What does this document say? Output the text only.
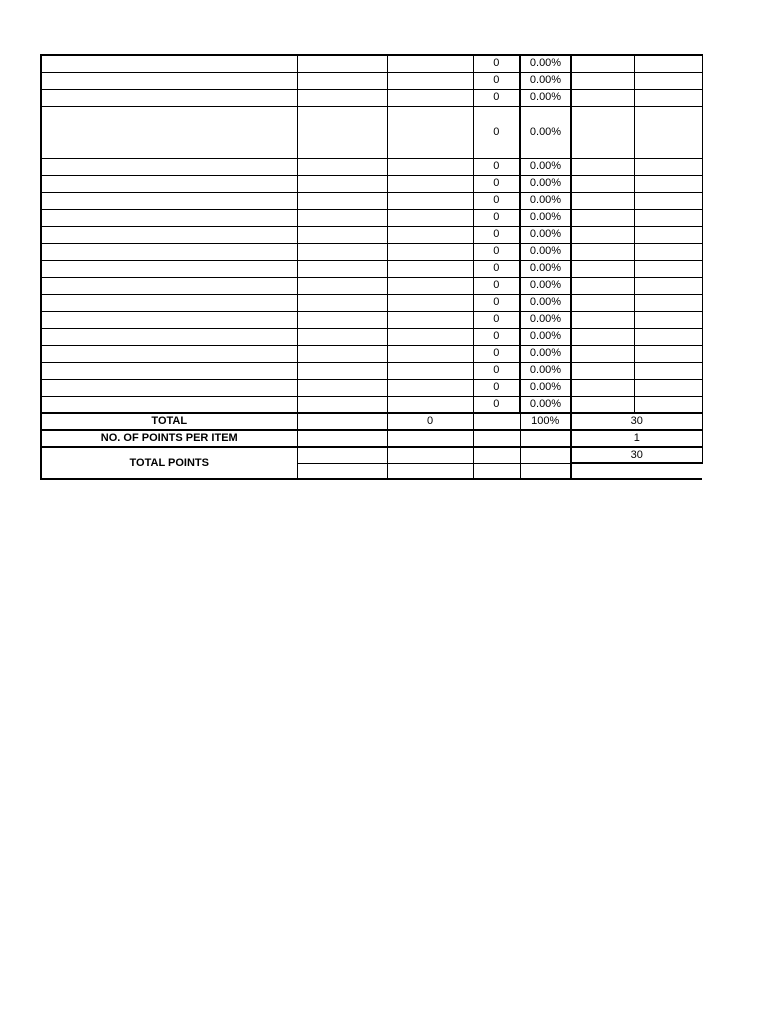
			0	0.00%		
			0	0.00%		
			0	0.00%		
			0	0.00%		
			0	0.00%		
			0	0.00%		
			0	0.00%		
			0	0.00%		
			0	0.00%		
			0	0.00%		
			0	0.00%		
			0	0.00%		
			0	0.00%		
			0	0.00%		
			0	0.00%		
			0	0.00%		
			0	0.00%		
			0	0.00%		
			0	0.00%		
TOTAL		0		100%	30	
NO. OF POINTS PER ITEM					1	
TOTAL POINTS					30	
